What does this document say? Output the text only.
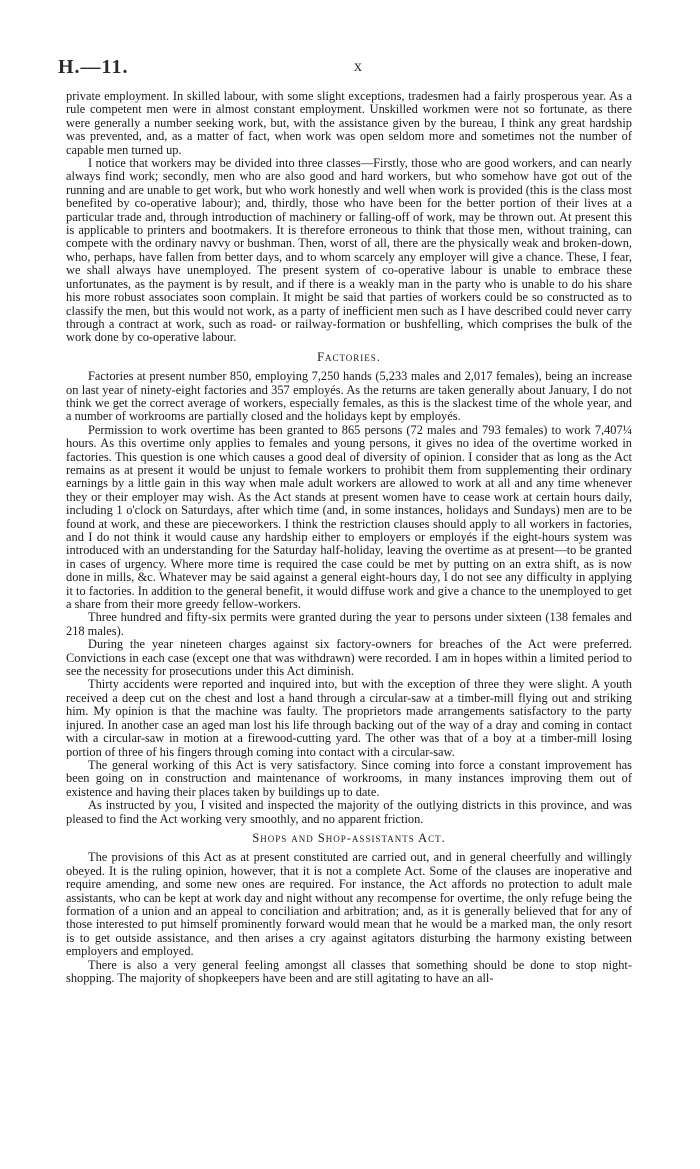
H.—11.	x

private employment. In skilled labour, with some slight exceptions, tradesmen had a fairly prosperous year. As a rule competent men were in almost constant employment. Unskilled workmen were not so fortunate, as there were generally a number seeking work, but, with the assistance given by the bureau, I think any great hardship was prevented, and, as a matter of fact, when work was open seldom more and sometimes not the number of capable men turned up.

I notice that workers may be divided into three classes—Firstly, those who are good workers, and can nearly always find work; secondly, men who are also good and hard workers, but who somehow have got out of the running and are unable to get work, but who work honestly and well when work is provided (this is the class most benefited by co-operative labour); and, thirdly, those who have been for the better portion of their lives at a particular trade and, through introduction of machinery or falling-off of work, may be thrown out. At present this is applicable to printers and bootmakers. It is therefore erroneous to think that those men, without training, can compete with the ordinary navvy or bushman. Then, worst of all, there are the physically weak and broken-down, who, perhaps, have fallen from better days, and to whom scarcely any employer will give a chance. These, I fear, we shall always have unemployed. The present system of co-operative labour is unable to embrace these unfortunates, as the payment is by result, and if there is a weakly man in the party who is unable to do his share his more robust associates soon complain. It might be said that parties of workers could be so constructed as to classify the men, but this would not work, as a party of inefficient men such as I have described could never carry through a contract at work, such as road- or railway-formation or bushfelling, which comprises the bulk of the work done by co-operative labour.

Factories.

Factories at present number 850, employing 7,250 hands (5,233 males and 2,017 females), being an increase on last year of ninety-eight factories and 357 employés. As the returns are taken generally about January, I do not think we get the correct average of workers, especially females, as this is the slackest time of the whole year, and a number of workrooms are partially closed and the holidays kept by employés.

Permission to work overtime has been granted to 865 persons (72 males and 793 females) to work 7,407¼ hours. As this overtime only applies to females and young persons, it gives no idea of the overtime worked in factories. This question is one which causes a good deal of diversity of opinion. I consider that as long as the Act remains as at present it would be unjust to female workers to prohibit them from supplementing their ordinary earnings by a little gain in this way when male adult workers are allowed to work at all and any time whenever they or their employer may wish. As the Act stands at present women have to cease work at certain hours daily, including 1 o'clock on Saturdays, after which time (and, in some instances, holidays and Sundays) men are to be found at work, and these are pieceworkers. I think the restriction clauses should apply to all workers in factories, and I do not think it would cause any hardship either to employers or employés if the eight-hours system was introduced with an understanding for the Saturday half-holiday, leaving the overtime as at present—to be granted in cases of urgency. Where more time is required the case could be met by putting on an extra shift, as is now done in mills, &c. Whatever may be said against a general eight-hours day, I do not see any difficulty in applying it to factories. In addition to the general benefit, it would diffuse work and give a chance to the unemployed to get a share from their more greedy fellow-workers.

Three hundred and fifty-six permits were granted during the year to persons under sixteen (138 females and 218 males).

During the year nineteen charges against six factory-owners for breaches of the Act were preferred. Convictions in each case (except one that was withdrawn) were recorded. I am in hopes within a limited period to see the necessity for prosecutions under this Act diminish.

Thirty accidents were reported and inquired into, but with the exception of three they were slight. A youth received a deep cut on the chest and lost a hand through a circular-saw at a timber-mill flying out and striking him. My opinion is that the machine was faulty. The proprietors made arrangements satisfactory to the party injured. In another case an aged man lost his life through backing out of the way of a dray and coming in contact with a circular-saw in motion at a firewood-cutting yard. The other was that of a boy at a timber-mill losing portion of three of his fingers through coming into contact with a circular-saw.

The general working of this Act is very satisfactory. Since coming into force a constant improvement has been going on in construction and maintenance of workrooms, in many instances improving them out of existence and having their places taken by buildings up to date.

As instructed by you, I visited and inspected the majority of the outlying districts in this province, and was pleased to find the Act working very smoothly, and no apparent friction.

Shops and Shop-assistants Act.

The provisions of this Act as at present constituted are carried out, and in general cheerfully and willingly obeyed. It is the ruling opinion, however, that it is not a complete Act. Some of the clauses are inoperative and require amending, and some new ones are required. For instance, the Act affords no protection to adult male assistants, who can be kept at work day and night without any recompense for overtime, the only refuge being the formation of a union and an appeal to conciliation and arbitration; and, as it is generally believed that for any of those interested to put himself prominently forward would mean that he would be a marked man, the only resort is to get outside assistance, and then arises a cry against agitators disturbing the harmony existing between employers and employed.

There is also a very general feeling amongst all classes that something should be done to stop night-shopping. The majority of shopkeepers have been and are still agitating to have an all-
